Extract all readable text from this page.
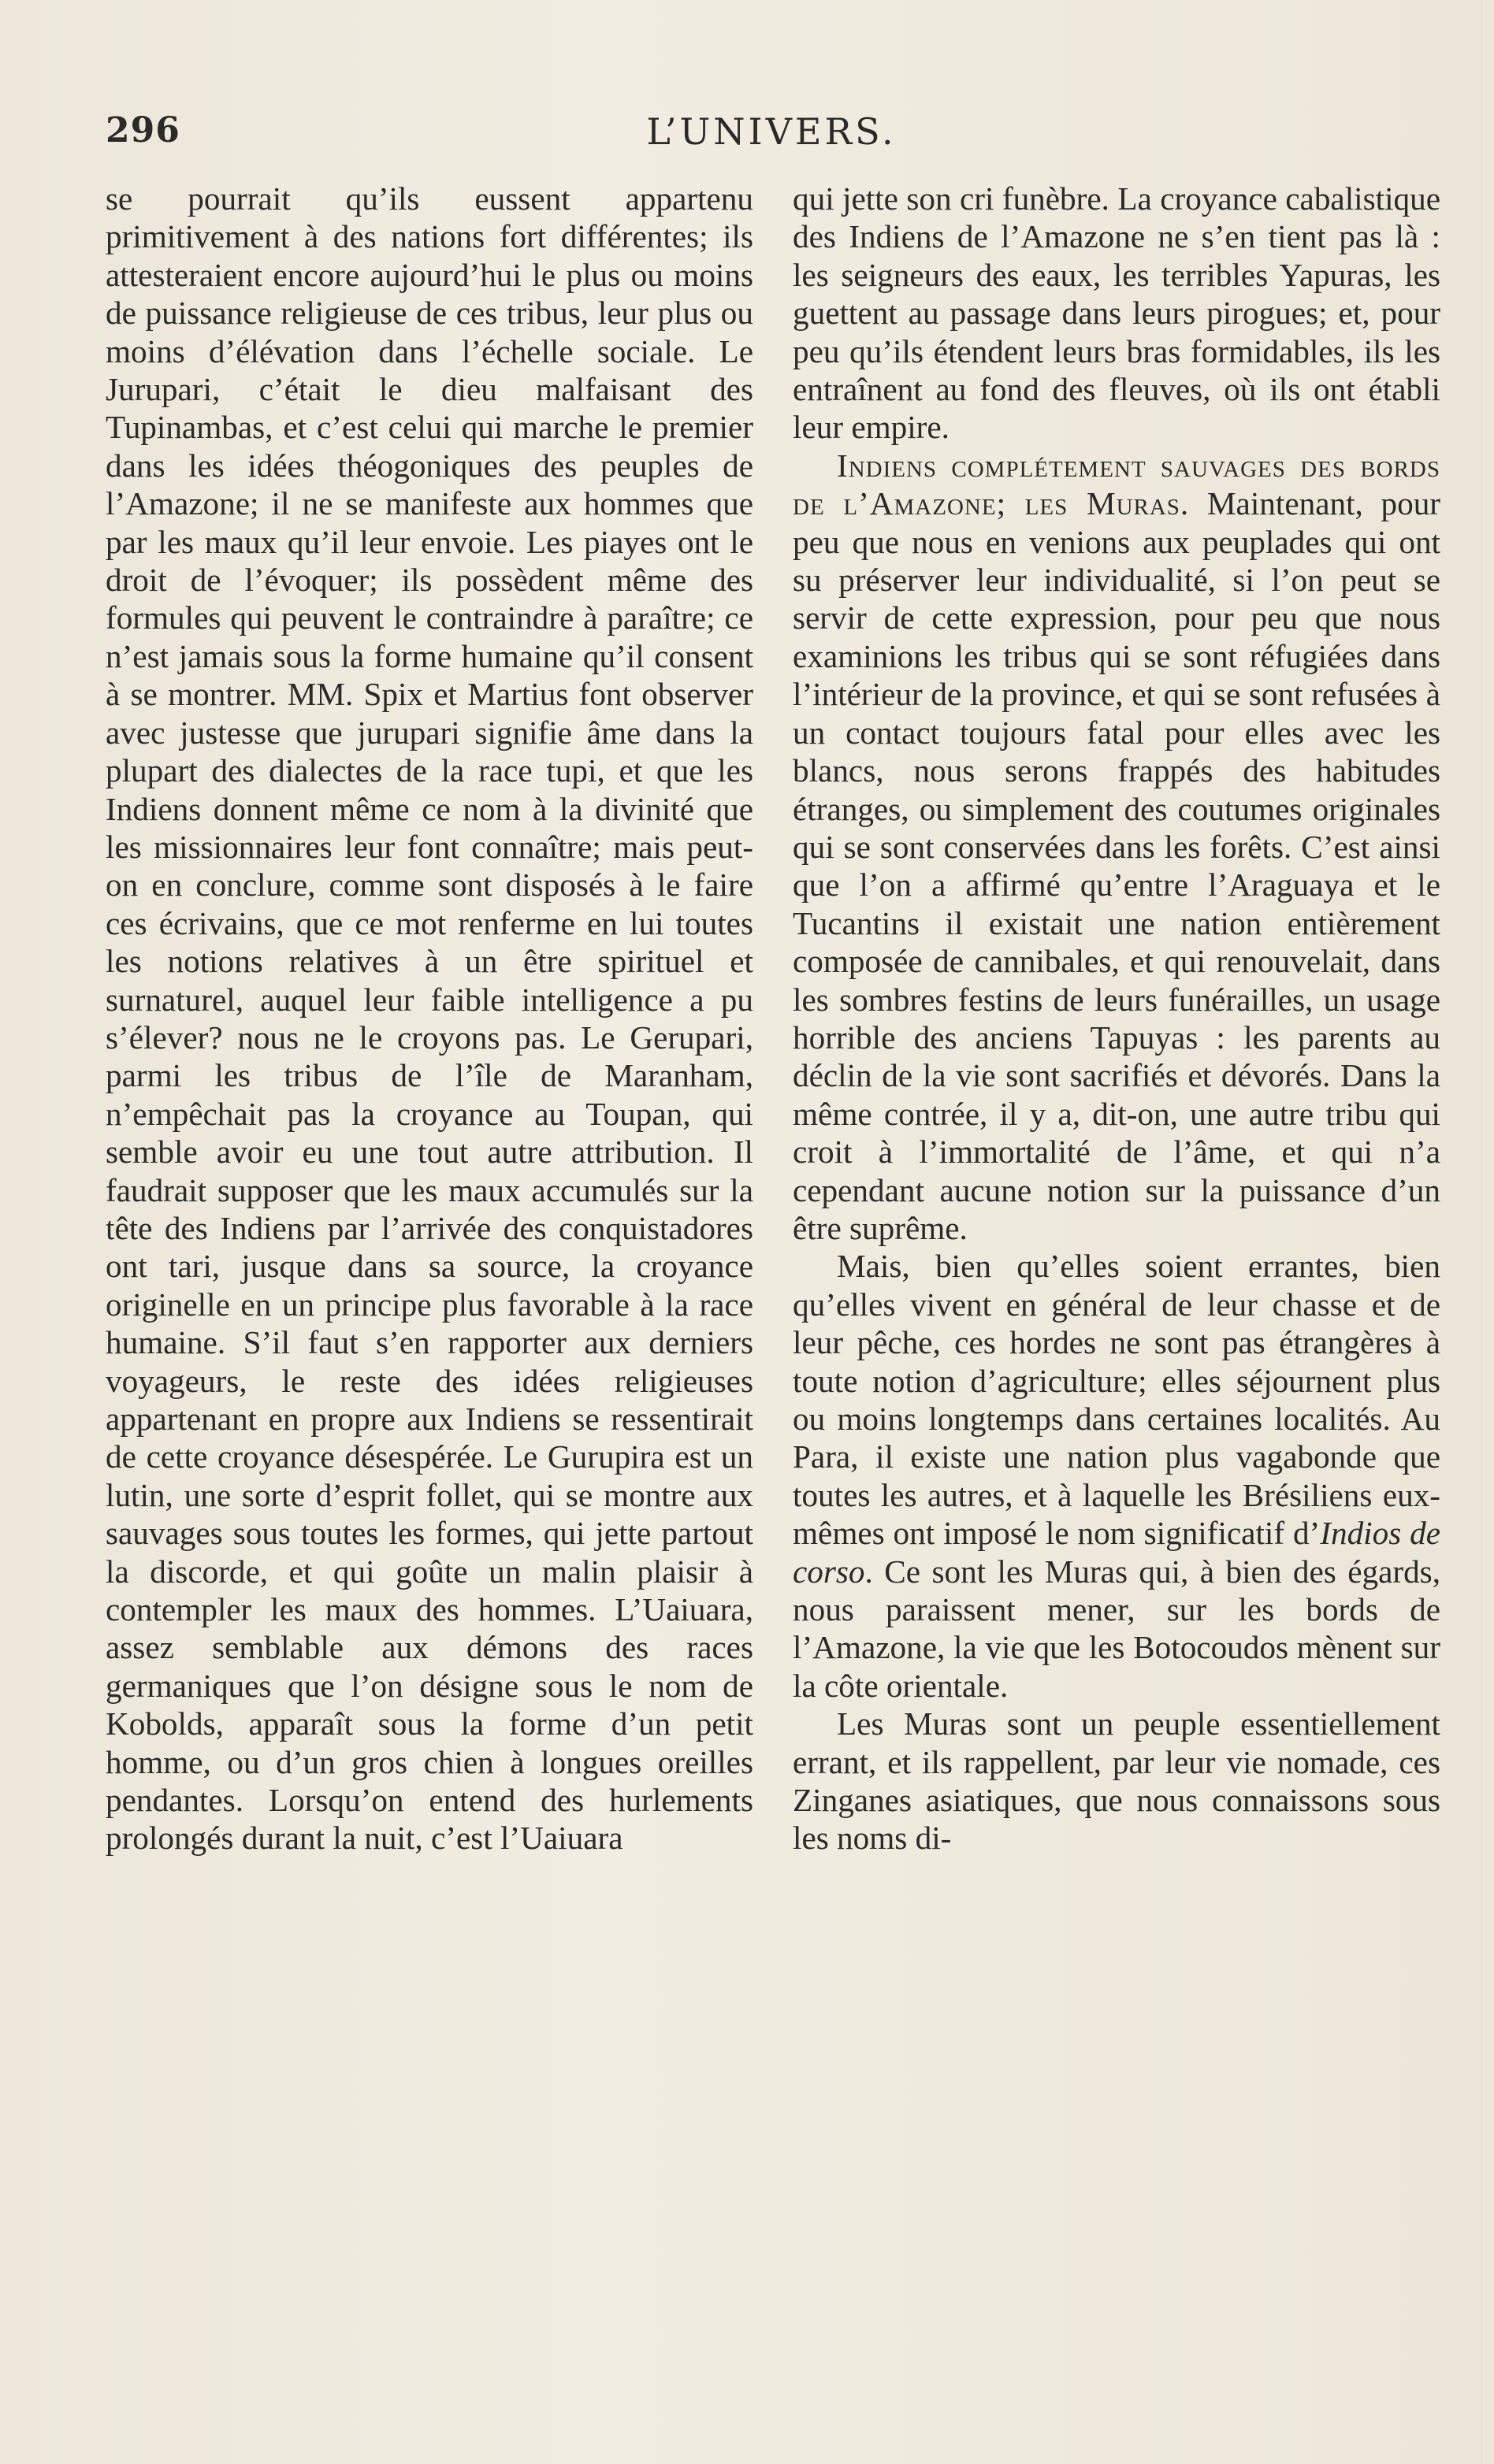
296	L’UNIVERS.

se pourrait qu’ils eussent appartenu primitivement à des nations fort différentes; ils attesteraient encore aujourd’hui le plus ou moins de puissance religieuse de ces tribus, leur plus ou moins d’élévation dans l’échelle sociale. Le Jurupari, c’était le dieu malfaisant des Tupinambas, et c’est celui qui marche le premier dans les idées théogoniques des peuples de l’Amazone; il ne se manifeste aux hommes que par les maux qu’il leur envoie. Les piayes ont le droit de l’évoquer; ils possèdent même des formules qui peuvent le contraindre à paraître; ce n’est jamais sous la forme humaine qu’il consent à se montrer. MM. Spix et Martius font observer avec justesse que jurupari signifie âme dans la plupart des dialectes de la race tupi, et que les Indiens donnent même ce nom à la divinité que les missionnaires leur font connaître; mais peut-on en conclure, comme sont disposés à le faire ces écrivains, que ce mot renferme en lui toutes les notions relatives à un être spirituel et surnaturel, auquel leur faible intelligence a pu s’élever? nous ne le croyons pas. Le Gerupari, parmi les tribus de l’île de Maranham, n’empêchait pas la croyance au Toupan, qui semble avoir eu une tout autre attribution. Il faudrait supposer que les maux accumulés sur la tête des Indiens par l’arrivée des conquistadores ont tari, jusque dans sa source, la croyance originelle en un principe plus favorable à la race humaine. S’il faut s’en rapporter aux derniers voyageurs, le reste des idées religieuses appartenant en propre aux Indiens se ressentirait de cette croyance désespérée. Le Gurupira est un lutin, une sorte d’esprit follet, qui se montre aux sauvages sous toutes les formes, qui jette partout la discorde, et qui goûte un malin plaisir à contempler les maux des hommes. L’Uaiuara, assez semblable aux démons des races germaniques que l’on désigne sous le nom de Kobolds, apparaît sous la forme d’un petit homme, ou d’un gros chien à longues oreilles pendantes. Lorsqu’on entend des hurlements prolongés durant la nuit, c’est l’Uaiuara

qui jette son cri funèbre. La croyance cabalistique des Indiens de l’Amazone ne s’en tient pas là : les seigneurs des eaux, les terribles Yapuras, les guettent au passage dans leurs pirogues; et, pour peu qu’ils étendent leurs bras formidables, ils les entraînent au fond des fleuves, où ils ont établi leur empire.

Indiens complétement sauvages des bords de l’Amazone; les Muras. Maintenant, pour peu que nous en venions aux peuplades qui ont su préserver leur individualité, si l’on peut se servir de cette expression, pour peu que nous examinions les tribus qui se sont réfugiées dans l’intérieur de la province, et qui se sont refusées à un contact toujours fatal pour elles avec les blancs, nous serons frappés des habitudes étranges, ou simplement des coutumes originales qui se sont conservées dans les forêts. C’est ainsi que l’on a affirmé qu’entre l’Araguaya et le Tucantins il existait une nation entièrement composée de cannibales, et qui renouvelait, dans les sombres festins de leurs funérailles, un usage horrible des anciens Tapuyas : les parents au déclin de la vie sont sacrifiés et dévorés. Dans la même contrée, il y a, dit-on, une autre tribu qui croit à l’immortalité de l’âme, et qui n’a cependant aucune notion sur la puissance d’un être suprême.

Mais, bien qu’elles soient errantes, bien qu’elles vivent en général de leur chasse et de leur pêche, ces hordes ne sont pas étrangères à toute notion d’agriculture; elles séjournent plus ou moins longtemps dans certaines localités. Au Para, il existe une nation plus vagabonde que toutes les autres, et à laquelle les Brésiliens eux-mêmes ont imposé le nom significatif d’Indios de corso. Ce sont les Muras qui, à bien des égards, nous paraissent mener, sur les bords de l’Amazone, la vie que les Botocoudos mènent sur la côte orientale.

Les Muras sont un peuple essentiellement errant, et ils rappellent, par leur vie nomade, ces Zinganes asiatiques, que nous connaissons sous les noms di-
